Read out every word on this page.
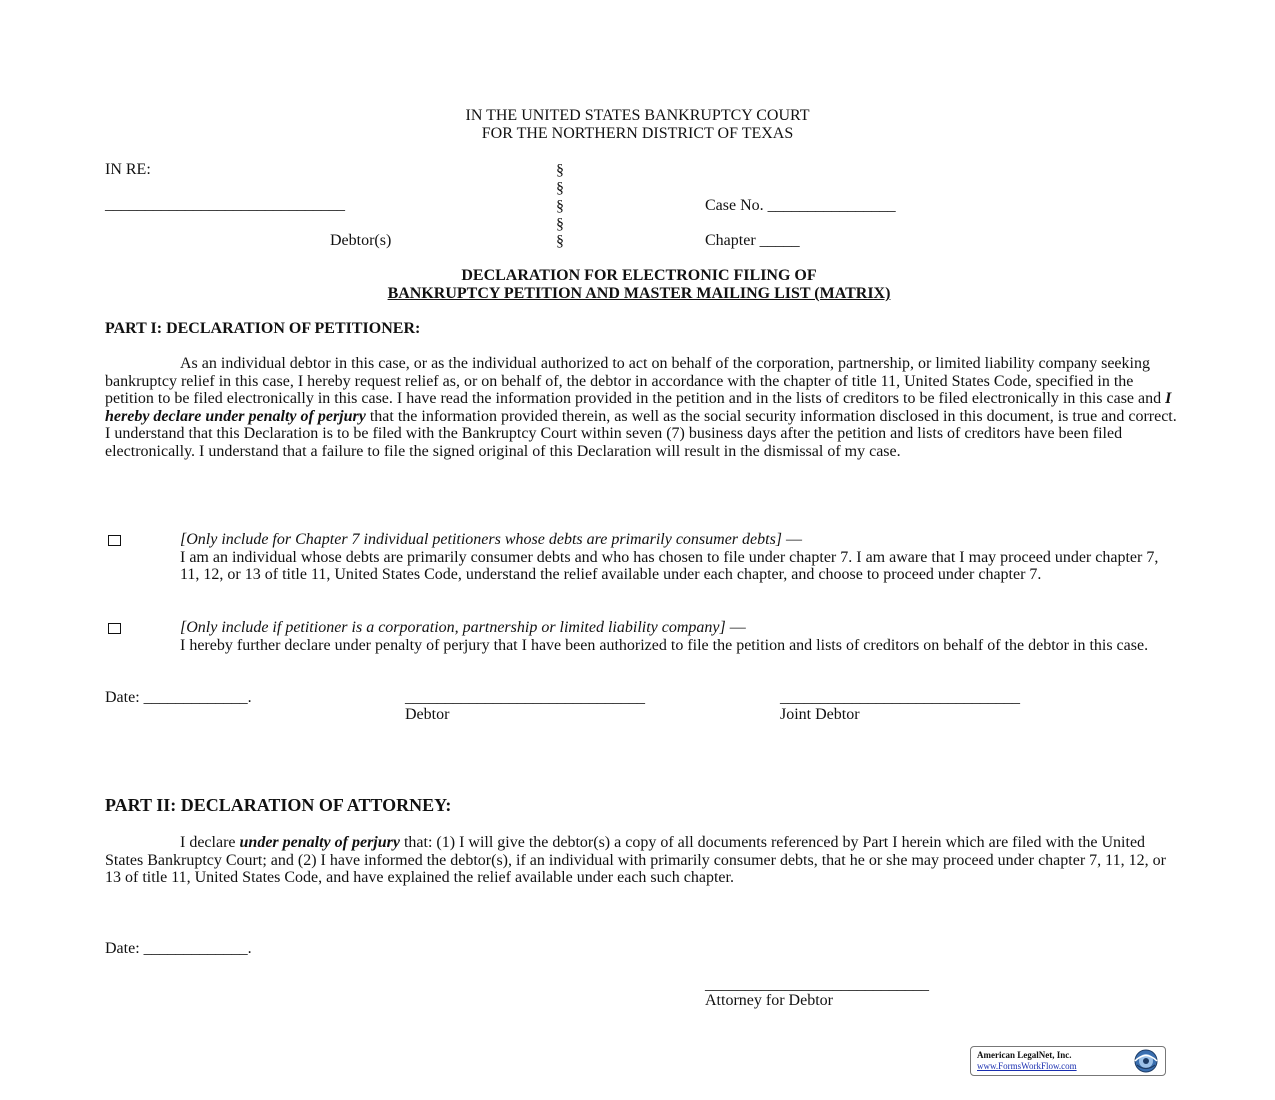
IN THE UNITED STATES BANKRUPTCY COURT
FOR THE NORTHERN DISTRICT OF TEXAS
IN RE:
______________________________
Debtor(s)
§
§
§
§
§
Case No. ________________
Chapter _____
DECLARATION FOR ELECTRONIC FILING OF
BANKRUPTCY PETITION AND MASTER MAILING LIST (MATRIX)
PART I: DECLARATION OF PETITIONER:
As an individual debtor in this case, or as the individual authorized to act on behalf of the corporation, partnership, or limited liability company seeking bankruptcy relief in this case, I hereby request relief as, or on behalf of, the debtor in accordance with the chapter of title 11, United States Code, specified in the petition to be filed electronically in this case. I have read the information provided in the petition and in the lists of creditors to be filed electronically in this case and I hereby declare under penalty of perjury that the information provided therein, as well as the social security information disclosed in this document, is true and correct. I understand that this Declaration is to be filed with the Bankruptcy Court within seven (7) business days after the petition and lists of creditors have been filed electronically. I understand that a failure to file the signed original of this Declaration will result in the dismissal of my case.
[Only include for Chapter 7 individual petitioners whose debts are primarily consumer debts] —
I am an individual whose debts are primarily consumer debts and who has chosen to file under chapter 7. I am aware that I may proceed under chapter 7, 11, 12, or 13 of title 11, United States Code, understand the relief available under each chapter, and choose to proceed under chapter 7.
[Only include if petitioner is a corporation, partnership or limited liability company] —
I hereby further declare under penalty of perjury that I have been authorized to file the petition and lists of creditors on behalf of the debtor in this case.
Date: _____________.	______________________________
Debtor
______________________________
Joint Debtor
PART II: DECLARATION OF ATTORNEY:
I declare under penalty of perjury that: (1) I will give the debtor(s) a copy of all documents referenced by Part I herein which are filed with the United States Bankruptcy Court; and (2) I have informed the debtor(s), if an individual with primarily consumer debts, that he or she may proceed under chapter 7, 11, 12, or 13 of title 11, United States Code, and have explained the relief available under each such chapter.
Date: _____________.
____________________________
Attorney for Debtor
American LegalNet, Inc.
www.FormsWorkFlow.com
